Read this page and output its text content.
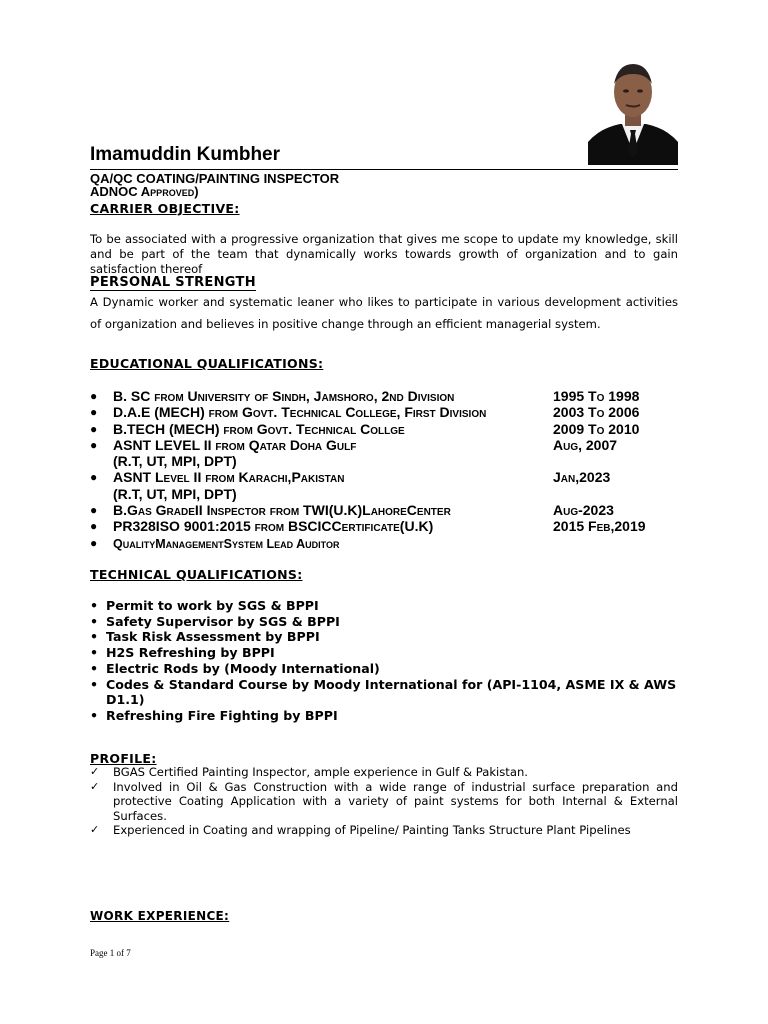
Imamuddin Kumbher
QA/QC COATING/PAINTING INSPECTOR
ADNOC Approved)
CARRIER OBJECTIVE:
To be associated with a progressive organization that gives me scope to update my knowledge, skill and be part of the team that dynamically works towards growth of organization and to gain satisfaction thereof
PERSONAL STRENGTH
A Dynamic worker and systematic leaner who likes to participate in various development activities of organization and believes in positive change through an efficient managerial system.
EDUCATIONAL QUALIFICATIONS:
● B. SC from University of Sindh, Jamshoro, 2nd Division	1995 To 1998
● D.A.E (MECH) from Govt. Technical College, First Division	2003 To 2006
● B.TECH (MECH) from Govt. Technical Collge	2009 To 2010
● ASNT LEVEL II from Qatar Doha Gulf	Aug, 2007
(R.T, UT, MPI, DPT)
● ASNT Level II from Karachi,Pakistan	Jan,2023
(R.T, UT, MPI, DPT)
● B.Gas GradeII Inspector from TWI(U.K)LahoreCenter	Aug-2023
● PR328ISO 9001:2015 from BSCICCertificate(U.K)	2015 Feb,2019
● QualityManagementSystem Lead Auditor
TECHNICAL QUALIFICATIONS:
• Permit to work by SGS & BPPI
• Safety Supervisor by SGS & BPPI
• Task Risk Assessment by BPPI
• H2S Refreshing by BPPI
• Electric Rods by (Moody International)
• Codes & Standard Course by Moody International for (API-1104, ASME IX & AWS D1.1)
• Refreshing Fire Fighting by BPPI
PROFILE:
✓ BGAS Certified Painting Inspector, ample experience in Gulf & Pakistan.
✓ Involved in Oil & Gas Construction with a wide range of industrial surface preparation and protective Coating Application with a variety of paint systems for both Internal & External Surfaces.
✓ Experienced in Coating and wrapping of Pipeline/ Painting Tanks Structure Plant Pipelines
WORK EXPERIENCE:
Page 1 of 7
